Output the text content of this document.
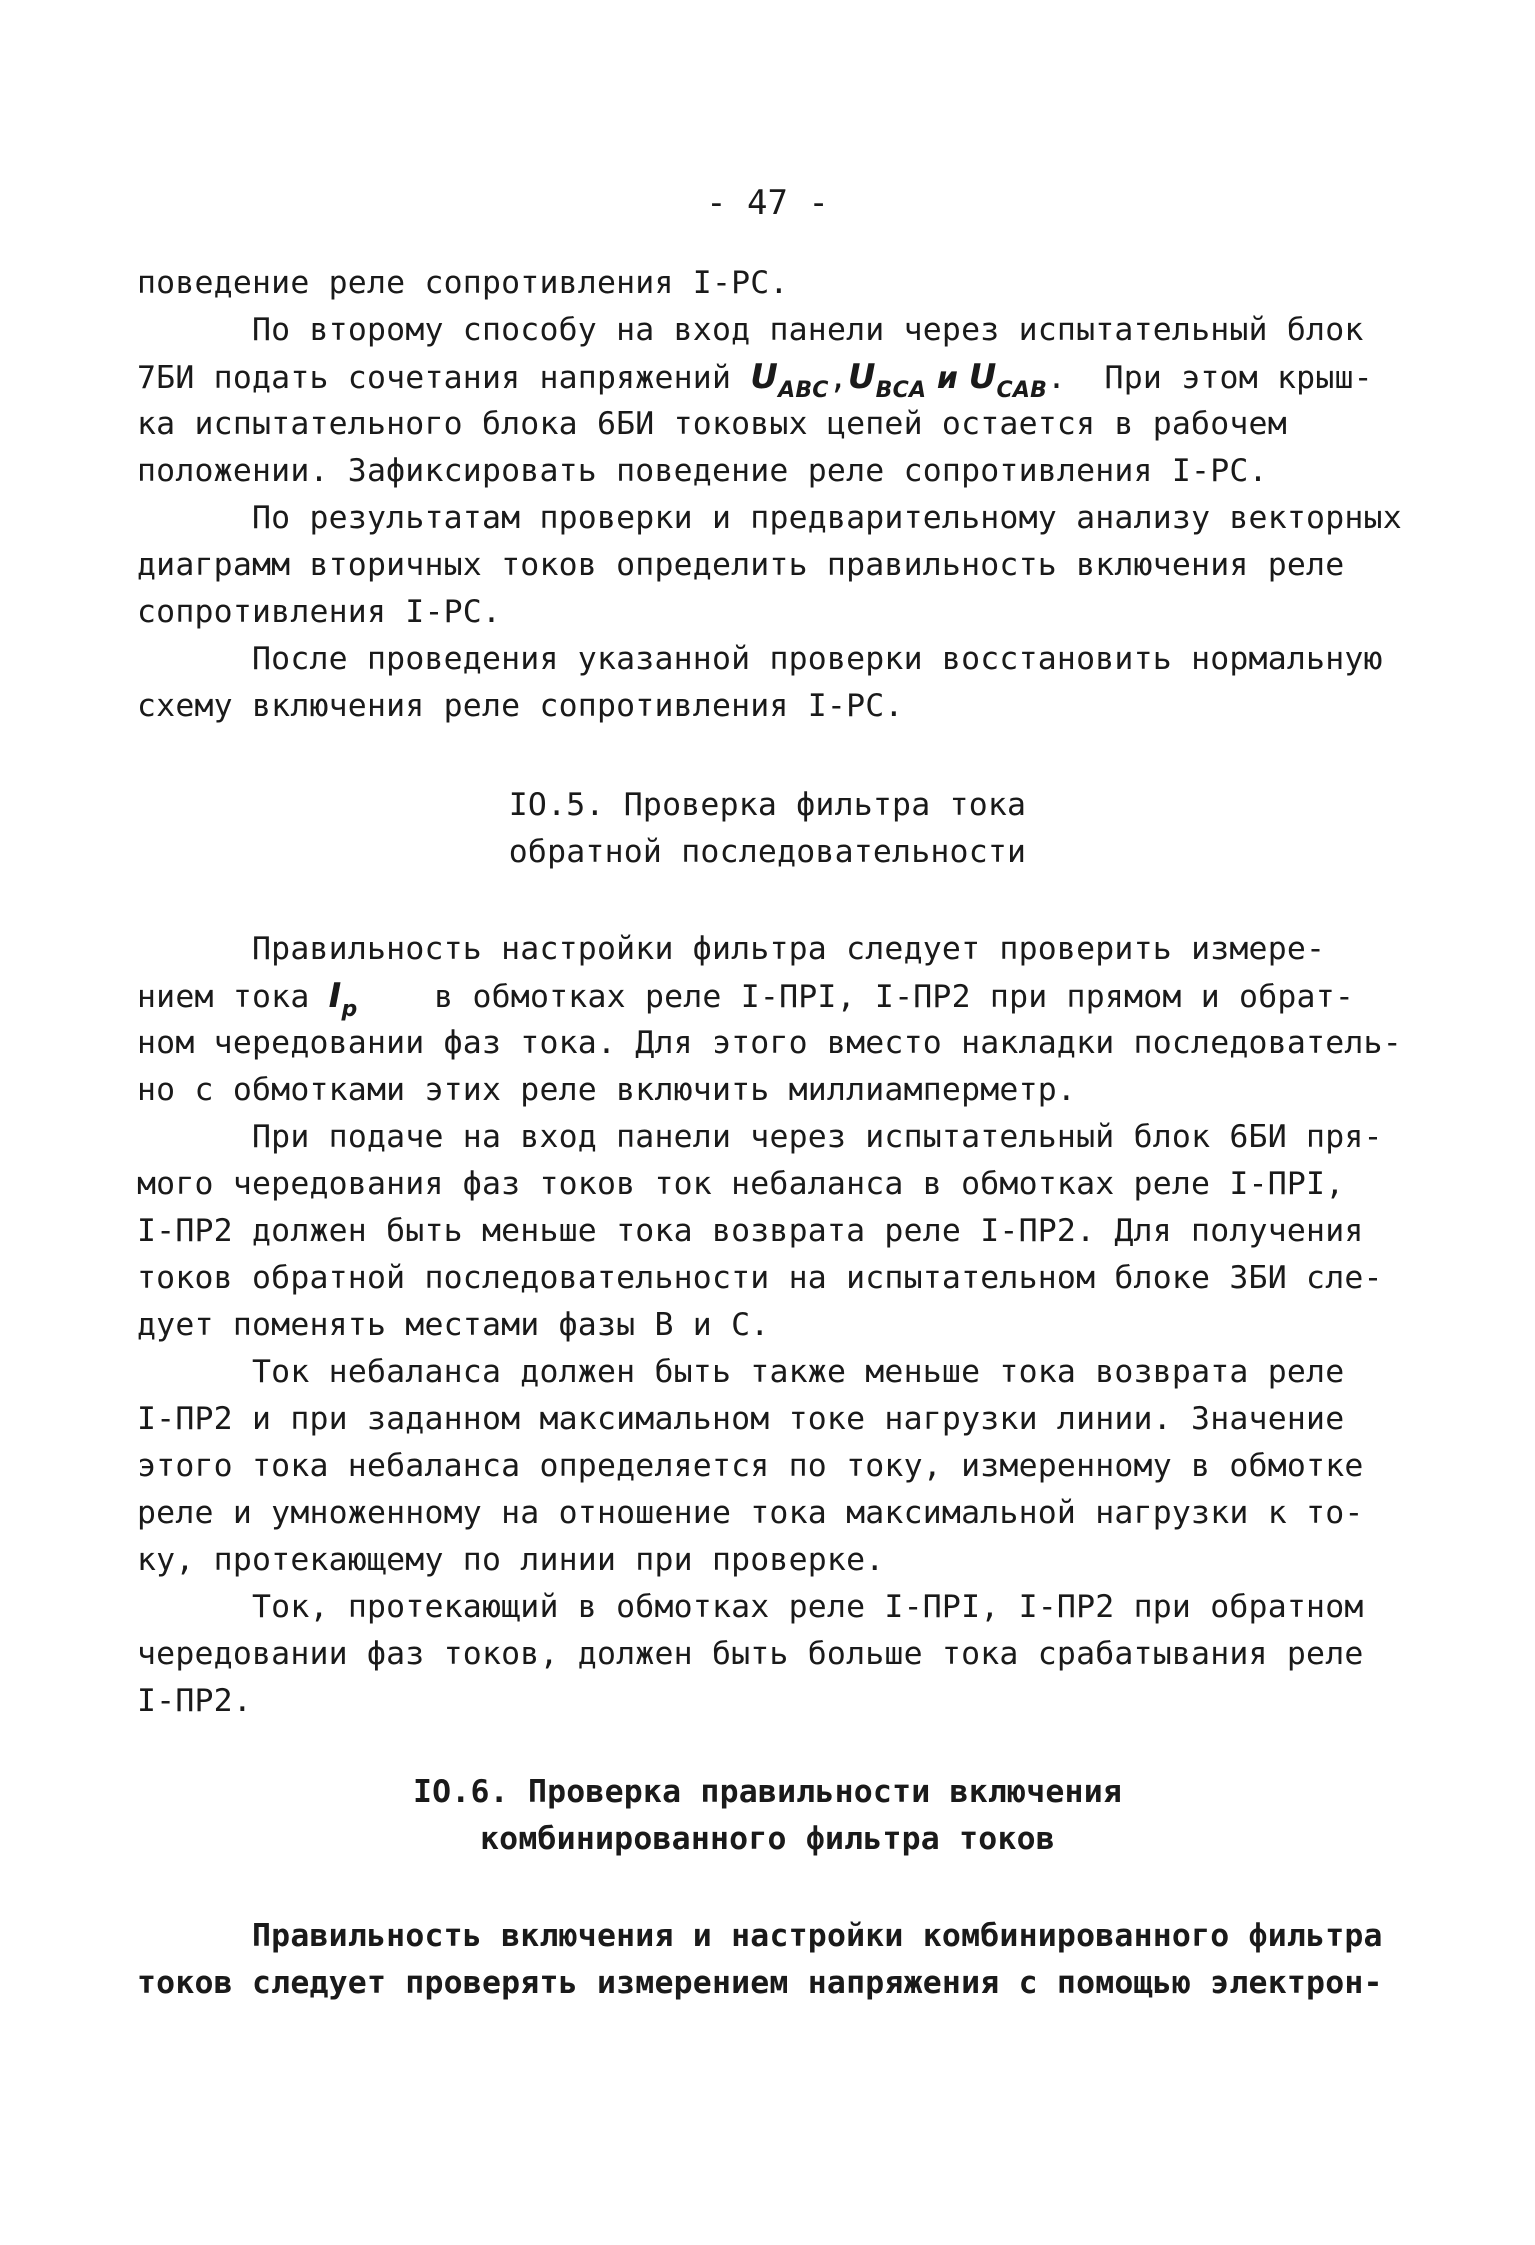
- 47 -
поведение реле сопротивления I-РС.
По второму способу на вход панели через испытательный блок
7БИ подать сочетания напряжений $U_{ABC},U_{BCA}$ и $U_{CAB}$.  При этом крыш-
ка испытательного блока 6БИ токовых цепей остается в рабочем
положении. Зафиксировать поведение реле сопротивления I-РС.
По результатам проверки и предварительному анализу векторных
диаграмм вторичных токов определить правильность включения реле
сопротивления I-РС.
После проведения указанной проверки восстановить нормальную
схему включения реле сопротивления I-РС.
IO.5. Проверка фильтра тока
обратной последовательности
Правильность настройки фильтра следует проверить измере-
нием тока $I_p$    в обмотках реле I-ПРI, I-ПР2 при прямом и обрат-
ном чередовании фаз тока. Для этого вместо накладки последователь-
но с обмотками этих реле включить миллиамперметр.
При подаче на вход панели через испытательный блок 6БИ пря-
мого чередования фаз токов ток небаланса в обмотках реле I-ПРI,
I-ПР2 должен быть меньше тока возврата реле I-ПР2. Для получения
токов обратной последовательности на испытательном блоке 3БИ сле-
дует поменять местами фазы В и С.
Ток небаланса должен быть также меньше тока возврата реле
I-ПР2 и при заданном максимальном токе нагрузки линии. Значение
этого тока небаланса определяется по току, измеренному в обмотке
реле и умноженному на отношение тока максимальной нагрузки к то-
ку, протекающему по линии при проверке.
Ток, протекающий в обмотках реле I-ПРI, I-ПР2 при обратном
чередовании фаз токов, должен быть больше тока срабатывания реле
I-ПР2.
IO.6. Проверка правильности включения
комбинированного фильтра токов
Правильность включения и настройки комбинированного фильтра
токов следует проверять измерением напряжения с помощью электрон-
